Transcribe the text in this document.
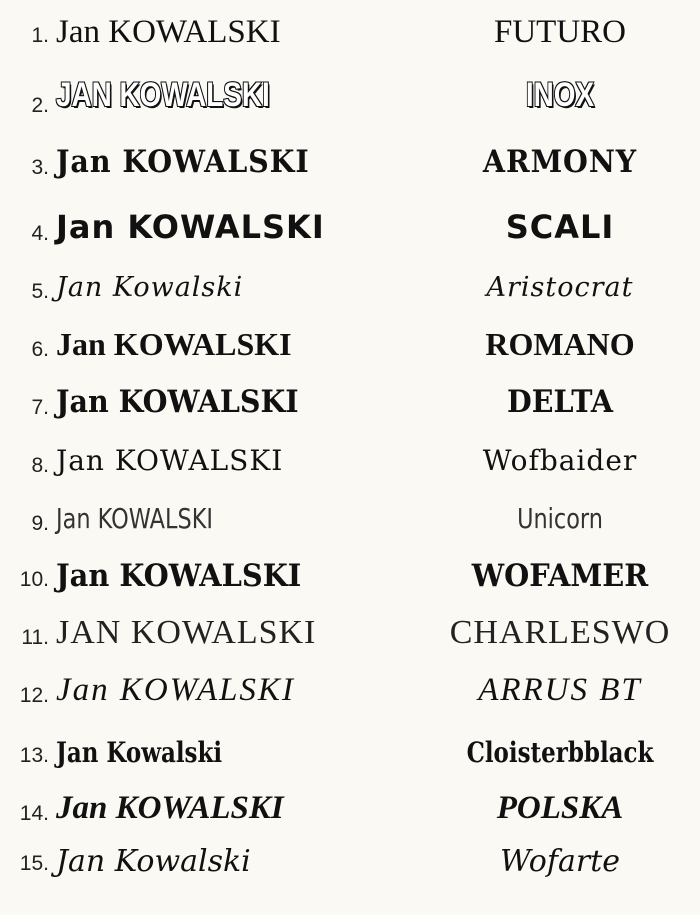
1. Jan KOWALSKI	FUTURO
2. JAN KOWALSKI	INOX
3. Jan KOWALSKI	ARMONY
4. Jan KOWALSKI	SCALI
5. Jan Kowalski	Aristocrat
6. Jan KOWALSKI	ROMANO
7. Jan KOWALSKI	DELTA
8. Jan KOWALSKI	Wofbaider
9. Jan KOWALSKI	Unicorn
10. Jan KOWALSKI	WOFAMER
11. JAN KOWALSKI	CHARLESWO
12. Jan KOWALSKI	ARRUS BT
13. Jan Kowalski	Cloisterbblack
14. Jan KOWALSKI	POLSKA
15. Jan Kowalski	Wofarte
